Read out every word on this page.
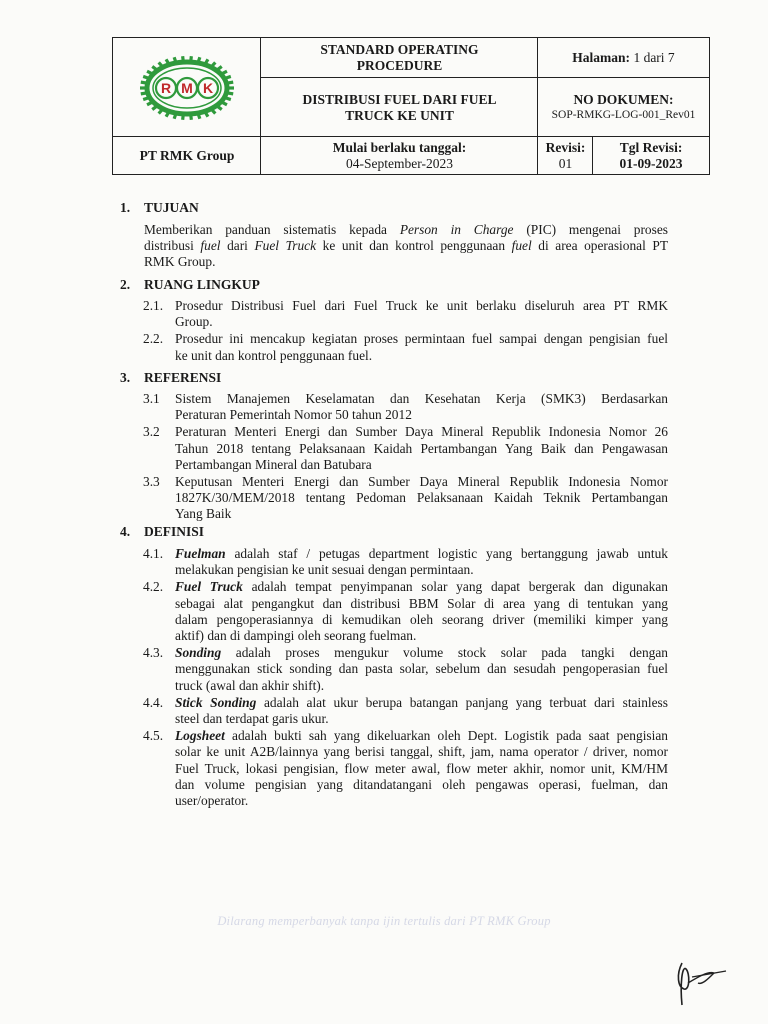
R M K
PT RMK Group
STANDARD OPERATING PROCEDURE
DISTRIBUSI FUEL DARI FUEL
TRUCK KE UNIT
Mulai berlaku tanggal:
04-September-2023
Halaman: 1 dari 7
NO DOKUMEN:
SOP-RMKG-LOG-001_Rev01
Revisi:
01
Tgl Revisi:
01-09-2023
1. TUJUAN
Memberikan panduan sistematis kepada Person in Charge (PIC) mengenai proses
distribusi fuel dari Fuel Truck ke unit dan kontrol penggunaan fuel di area operasional PT
RMK Group.
2. RUANG LINGKUP
2.1. Prosedur Distribusi Fuel dari Fuel Truck ke unit berlaku diseluruh area PT RMK
Group.
2.2. Prosedur ini mencakup kegiatan proses permintaan fuel sampai dengan pengisian fuel
ke unit dan kontrol penggunaan fuel.
3. REFERENSI
3.1 Sistem Manajemen Keselamatan dan Kesehatan Kerja (SMK3) Berdasarkan
Peraturan Pemerintah Nomor 50 tahun 2012
3.2 Peraturan Menteri Energi dan Sumber Daya Mineral Republik Indonesia Nomor 26
Tahun 2018 tentang Pelaksanaan Kaidah Pertambangan Yang Baik dan Pengawasan
Pertambangan Mineral dan Batubara
3.3 Keputusan Menteri Energi dan Sumber Daya Mineral Republik Indonesia Nomor
1827K/30/MEM/2018 tentang Pedoman Pelaksanaan Kaidah Teknik Pertambangan
Yang Baik
4. DEFINISI
4.1. Fuelman adalah staf / petugas department logistic yang bertanggung jawab untuk
melakukan pengisian ke unit sesuai dengan permintaan.
4.2. Fuel Truck adalah tempat penyimpanan solar yang dapat bergerak dan digunakan
sebagai alat pengangkut dan distribusi BBM Solar di area yang di tentukan yang
dalam pengoperasiannya di kemudikan oleh seorang driver (memiliki kimper yang
aktif) dan di dampingi oleh seorang fuelman.
4.3. Sonding adalah proses mengukur volume stock solar pada tangki dengan
menggunakan stick sonding dan pasta solar, sebelum dan sesudah pengoperasian fuel
truck (awal dan akhir shift).
4.4. Stick Sonding adalah alat ukur berupa batangan panjang yang terbuat dari stainless
steel dan terdapat garis ukur.
4.5. Logsheet adalah bukti sah yang dikeluarkan oleh Dept. Logistik pada saat pengisian
solar ke unit A2B/lainnya yang berisi tanggal, shift, jam, nama operator / driver, nomor
Fuel Truck, lokasi pengisian, flow meter awal, flow meter akhir, nomor unit, KM/HM
dan volume pengisian yang ditandatangani oleh pengawas operasi, fuelman, dan
user/operator.
Dilarang memperbanyak tanpa ijin tertulis dari PT RMK Group
